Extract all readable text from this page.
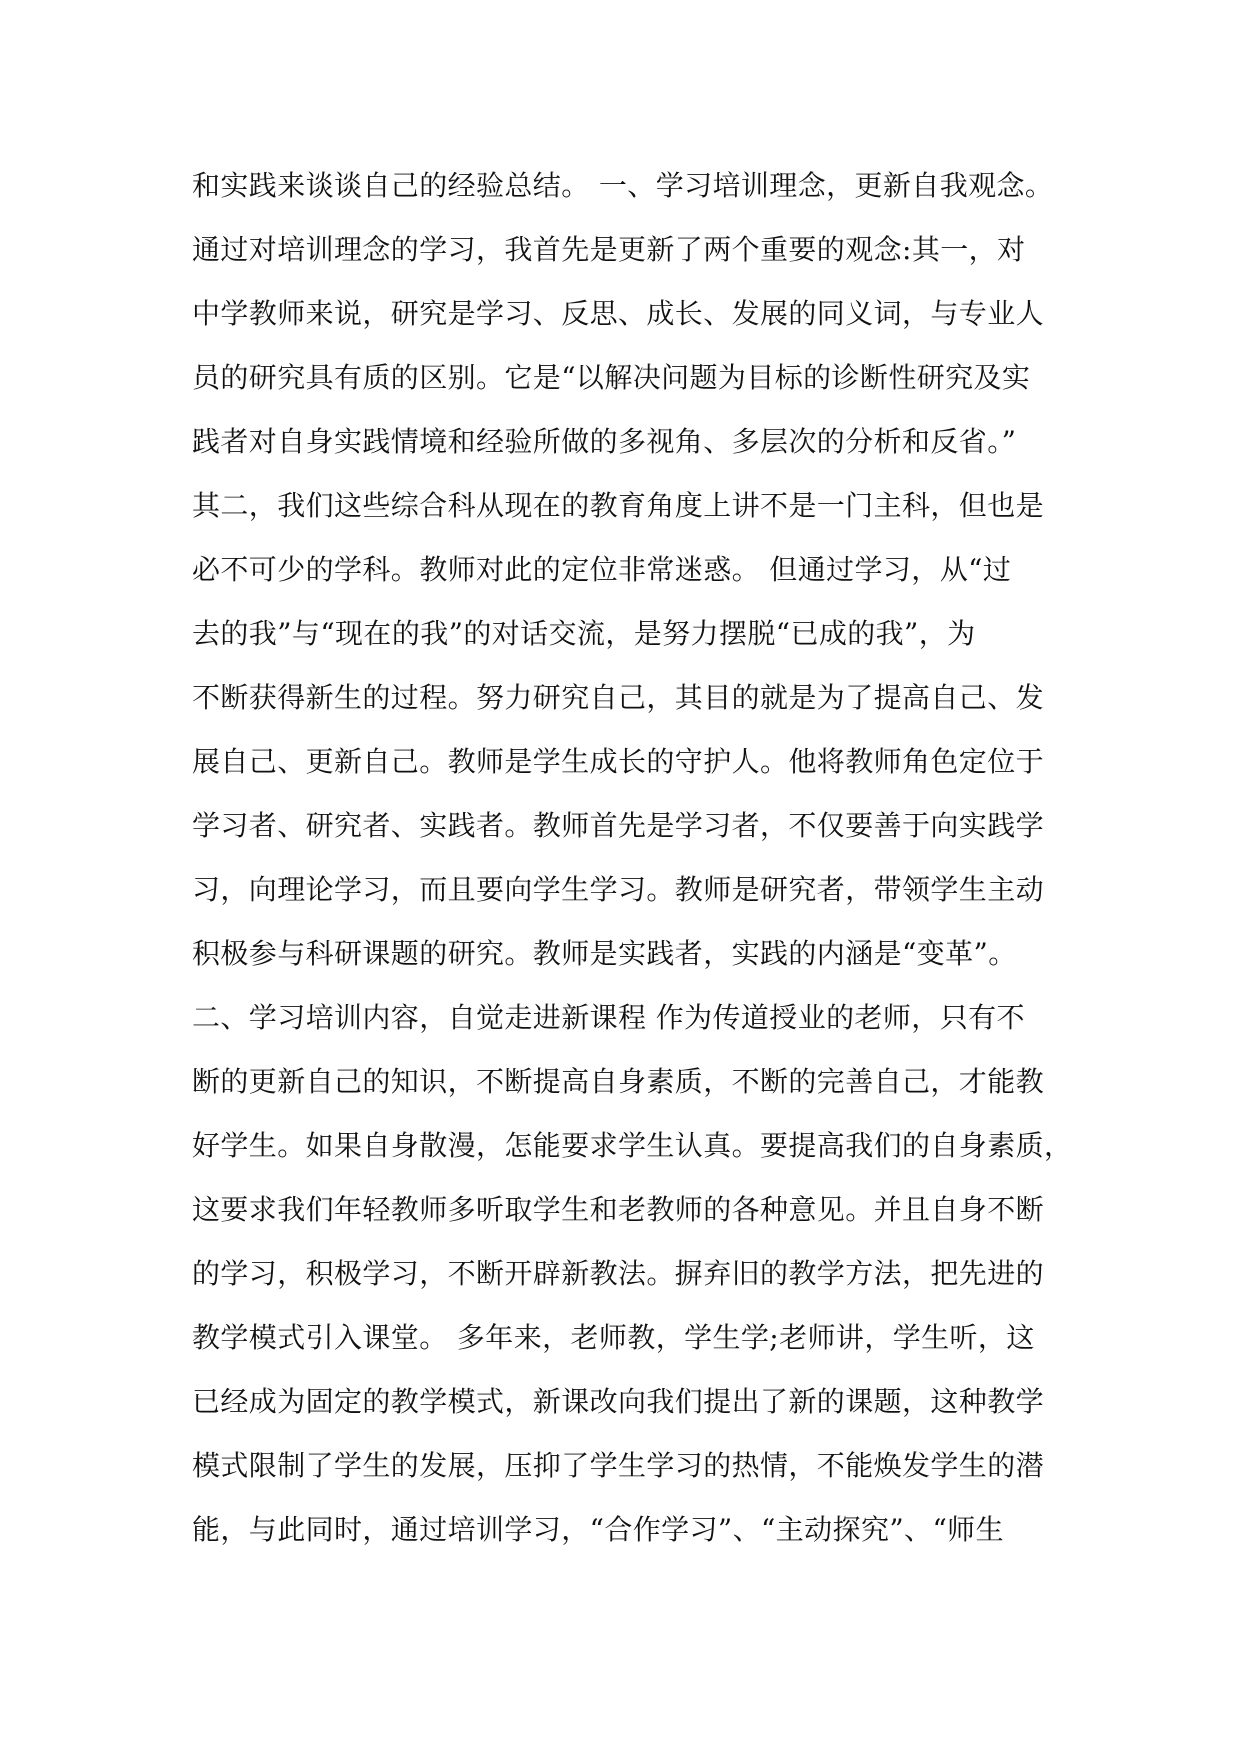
和实践来谈谈自己的经验总结。 一、学习培训理念，更新自我观念。
通过对培训理念的学习，我首先是更新了两个重要的观念:其一，对
中学教师来说，研究是学习、反思、成长、发展的同义词，与专业人
员的研究具有质的区别。它是“以解决问题为目标的诊断性研究及实
践者对自身实践情境和经验所做的多视角、多层次的分析和反省。”
其二，我们这些综合科从现在的教育角度上讲不是一门主科，但也是
必不可少的学科。教师对此的定位非常迷惑。 但通过学习，从“过
去的我”与“现在的我”的对话交流，是努力摆脱“已成的我”，为
不断获得新生的过程。努力研究自己，其目的就是为了提高自己、发
展自己、更新自己。教师是学生成长的守护人。他将教师角色定位于
学习者、研究者、实践者。教师首先是学习者，不仅要善于向实践学
习，向理论学习，而且要向学生学习。教师是研究者，带领学生主动
积极参与科研课题的研究。教师是实践者，实践的内涵是“变革”。
二、学习培训内容，自觉走进新课程 作为传道授业的老师，只有不
断的更新自己的知识，不断提高自身素质，不断的完善自己，才能教
好学生。如果自身散漫，怎能要求学生认真。要提高我们的自身素质，
这要求我们年轻教师多听取学生和老教师的各种意见。并且自身不断
的学习，积极学习，不断开辟新教法。摒弃旧的教学方法，把先进的
教学模式引入课堂。 多年来，老师教，学生学;老师讲，学生听，这
已经成为固定的教学模式，新课改向我们提出了新的课题，这种教学
模式限制了学生的发展，压抑了学生学习的热情，不能焕发学生的潜
能，与此同时，通过培训学习，“合作学习”、“主动探究”、“师生
